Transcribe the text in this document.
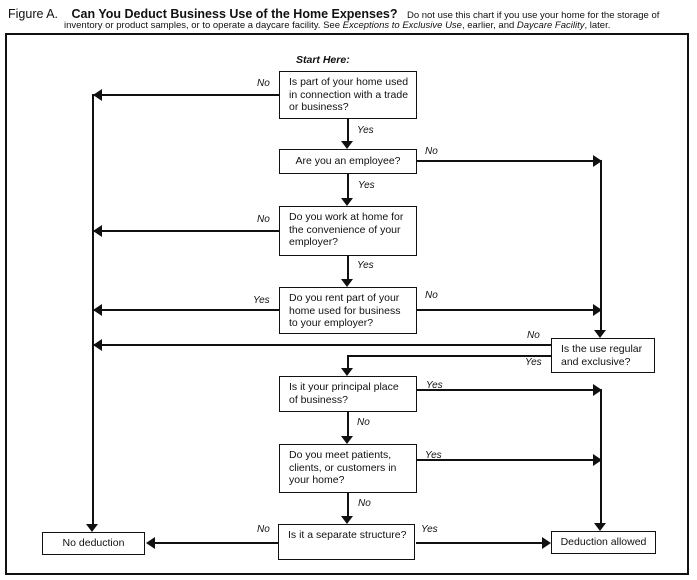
Figure A. Can You Deduct Business Use of the Home Expenses? Do not use this chart if you use your home for the storage of
inventory or product samples, or to operate a daycare facility. See Exceptions to Exclusive Use, earlier, and Daycare Facility, later.
Start Here:
Is part of your home used in connection with a trade or business?
Are you an employee?
Do you work at home for the convenience of your employer?
Do you rent part of your home used for business to your employer?
Is the use regular and exclusive?
Is it your principal place of business?
Do you meet patients, clients, or customers in your home?
Is it a separate structure?
No deduction	Deduction allowed
No
Yes
No
Yes
No
Yes
Yes	No
No
Yes
Yes
No
Yes
No
No	Yes
